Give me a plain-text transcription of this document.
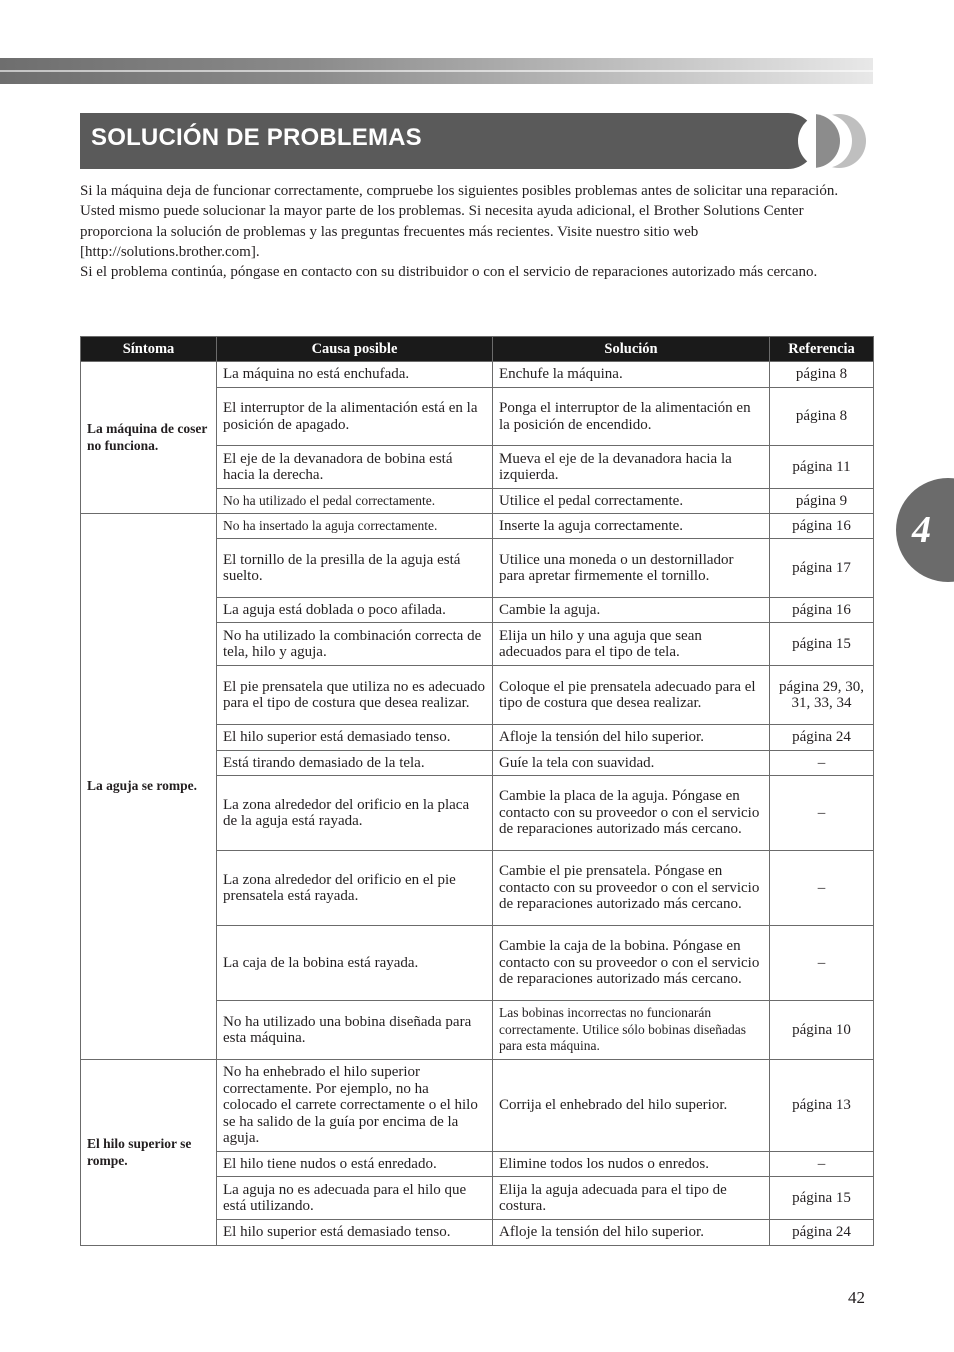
SOLUCIÓN DE PROBLEMAS

Si la máquina deja de funcionar correctamente, compruebe los siguientes posibles problemas antes de solicitar una reparación.

Usted mismo puede solucionar la mayor parte de los problemas. Si necesita ayuda adicional, el Brother Solutions Center proporciona la solución de problemas y las preguntas frecuentes más recientes. Visite nuestro sitio web [http://solutions.brother.com].

Si el problema continúa, póngase en contacto con su distribuidor o con el servicio de reparaciones autorizado más cercano.

Síntoma	Causa posible	Solución	Referencia
La máquina de coser no funciona.	La máquina no está enchufada.	Enchufe la máquina.	página 8
	El interruptor de la alimentación está en la posición de apagado.	Ponga el interruptor de la alimentación en la posición de encendido.	página 8
	El eje de la devanadora de bobina está hacia la derecha.	Mueva el eje de la devanadora hacia la izquierda.	página 11
	No ha utilizado el pedal correctamente.	Utilice el pedal correctamente.	página 9
La aguja se rompe.	No ha insertado la aguja correctamente.	Inserte la aguja correctamente.	página 16
	El tornillo de la presilla de la aguja está suelto.	Utilice una moneda o un destornillador para apretar firmemente el tornillo.	página 17
	La aguja está doblada o poco afilada.	Cambie la aguja.	página 16
	No ha utilizado la combinación correcta de tela, hilo y aguja.	Elija un hilo y una aguja que sean adecuados para el tipo de tela.	página 15
	El pie prensatela que utiliza no es adecuado para el tipo de costura que desea realizar.	Coloque el pie prensatela adecuado para el tipo de costura que desea realizar.	página 29, 30, 31, 33, 34
	El hilo superior está demasiado tenso.	Afloje la tensión del hilo superior.	página 24
	Está tirando demasiado de la tela.	Guíe la tela con suavidad.	–
	La zona alrededor del orificio en la placa de la aguja está rayada.	Cambie la placa de la aguja. Póngase en contacto con su proveedor o con el servicio de reparaciones autorizado más cercano.	–
	La zona alrededor del orificio en el pie prensatela está rayada.	Cambie el pie prensatela. Póngase en contacto con su proveedor o con el servicio de reparaciones autorizado más cercano.	–
	La caja de la bobina está rayada.	Cambie la caja de la bobina. Póngase en contacto con su proveedor o con el servicio de reparaciones autorizado más cercano.	–
	No ha utilizado una bobina diseñada para esta máquina.	Las bobinas incorrectas no funcionarán correctamente. Utilice sólo bobinas diseñadas para esta máquina.	página 10
El hilo superior se rompe.	No ha enhebrado el hilo superior correctamente. Por ejemplo, no ha colocado el carrete correctamente o el hilo se ha salido de la guía por encima de la aguja.	Corrija el enhebrado del hilo superior.	página 13
	El hilo tiene nudos o está enredado.	Elimine todos los nudos o enredos.	–
	La aguja no es adecuada para el hilo que está utilizando.	Elija la aguja adecuada para el tipo de costura.	página 15
	El hilo superior está demasiado tenso.	Afloje la tensión del hilo superior.	página 24
4
42
